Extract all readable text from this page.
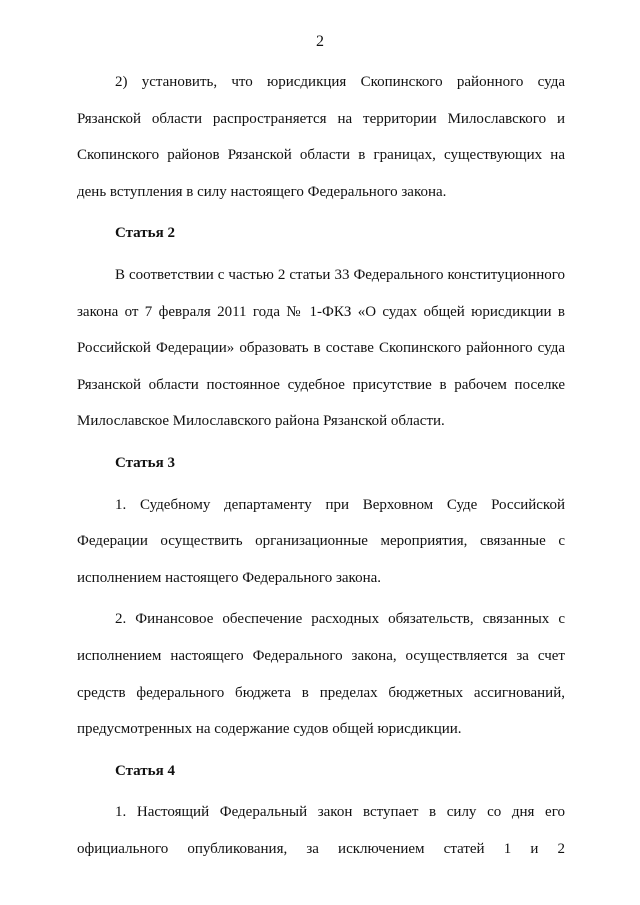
2

2) установить, что юрисдикция Скопинского районного суда Рязанской области распространяется на территории Милославского и Скопинского районов Рязанской области в границах, существующих на день вступления в силу настоящего Федерального закона.

Статья 2

В соответствии с частью 2 статьи 33 Федерального конституционного закона от 7 февраля 2011 года № 1-ФКЗ «О судах общей юрисдикции в Российской Федерации» образовать в составе Скопинского районного суда Рязанской области постоянное судебное присутствие в рабочем поселке Милославское Милославского района Рязанской области.

Статья 3

1. Судебному департаменту при Верховном Суде Российской Федерации осуществить организационные мероприятия, связанные с исполнением настоящего Федерального закона.

2. Финансовое обеспечение расходных обязательств, связанных с исполнением настоящего Федерального закона, осуществляется за счет средств федерального бюджета в пределах бюджетных ассигнований, предусмотренных на содержание судов общей юрисдикции.

Статья 4

1. Настоящий Федеральный закон вступает в силу со дня его официального опубликования, за исключением статей 1 и 2
